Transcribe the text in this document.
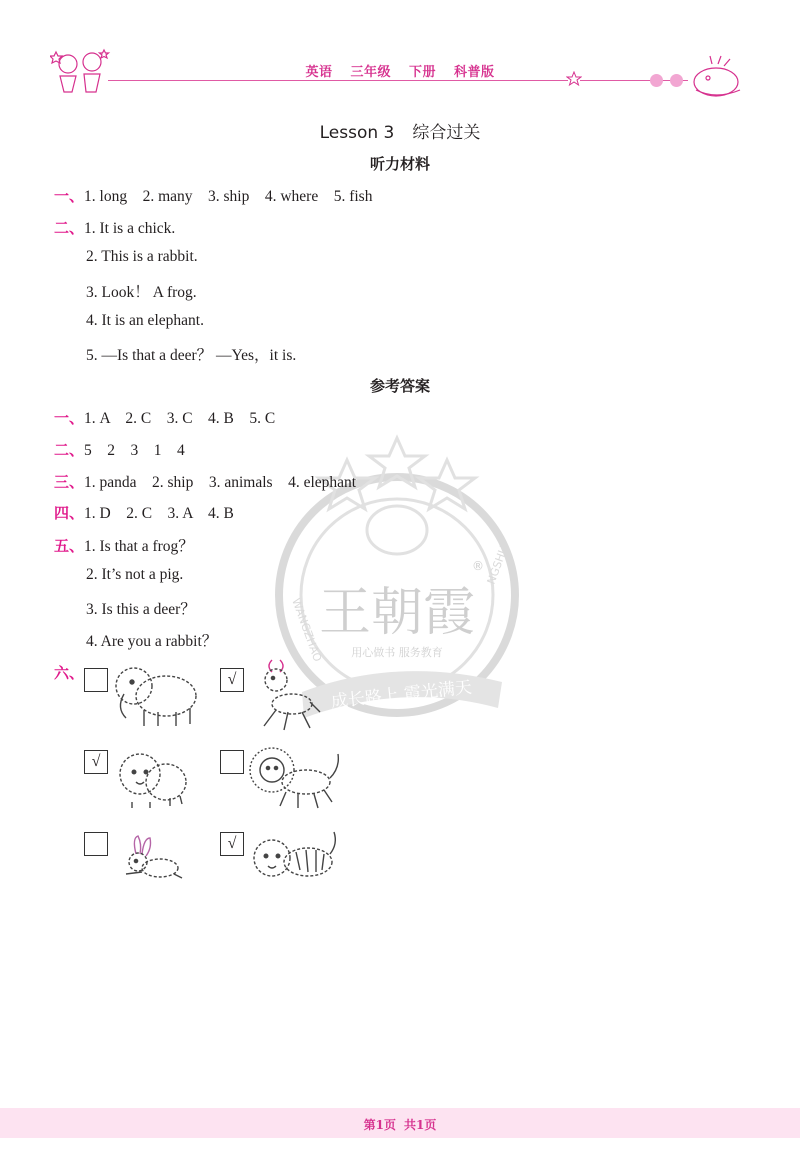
英语 三年级 下册 科普版
Lesson 3 综合过关
听力材料
一、1. long    2. many    3. ship    4. where    5. fish
二、1. It is a chick.
2. This is a rabbit.
3. Look！ A frog.
4. It is an elephant.
5. —Is that a deer？ —Yes，it is.
王朝霞
®
用心做书 服务教育
成长路上 霞光满天
WANGZHAO
NGSHU
参考答案
一、1. A    2. C    3. C    4. B    5. C
二、5    2    3    1    4
三、1. panda    2. ship    3. animals    4. elephant
四、1. D    2. C    3. A    4. B
五、1. Is that a frog？
2. It’s not a pig.
3. Is this a deer？
4. Are you a rabbit？
六、	√
√
√
第1页 共1页
